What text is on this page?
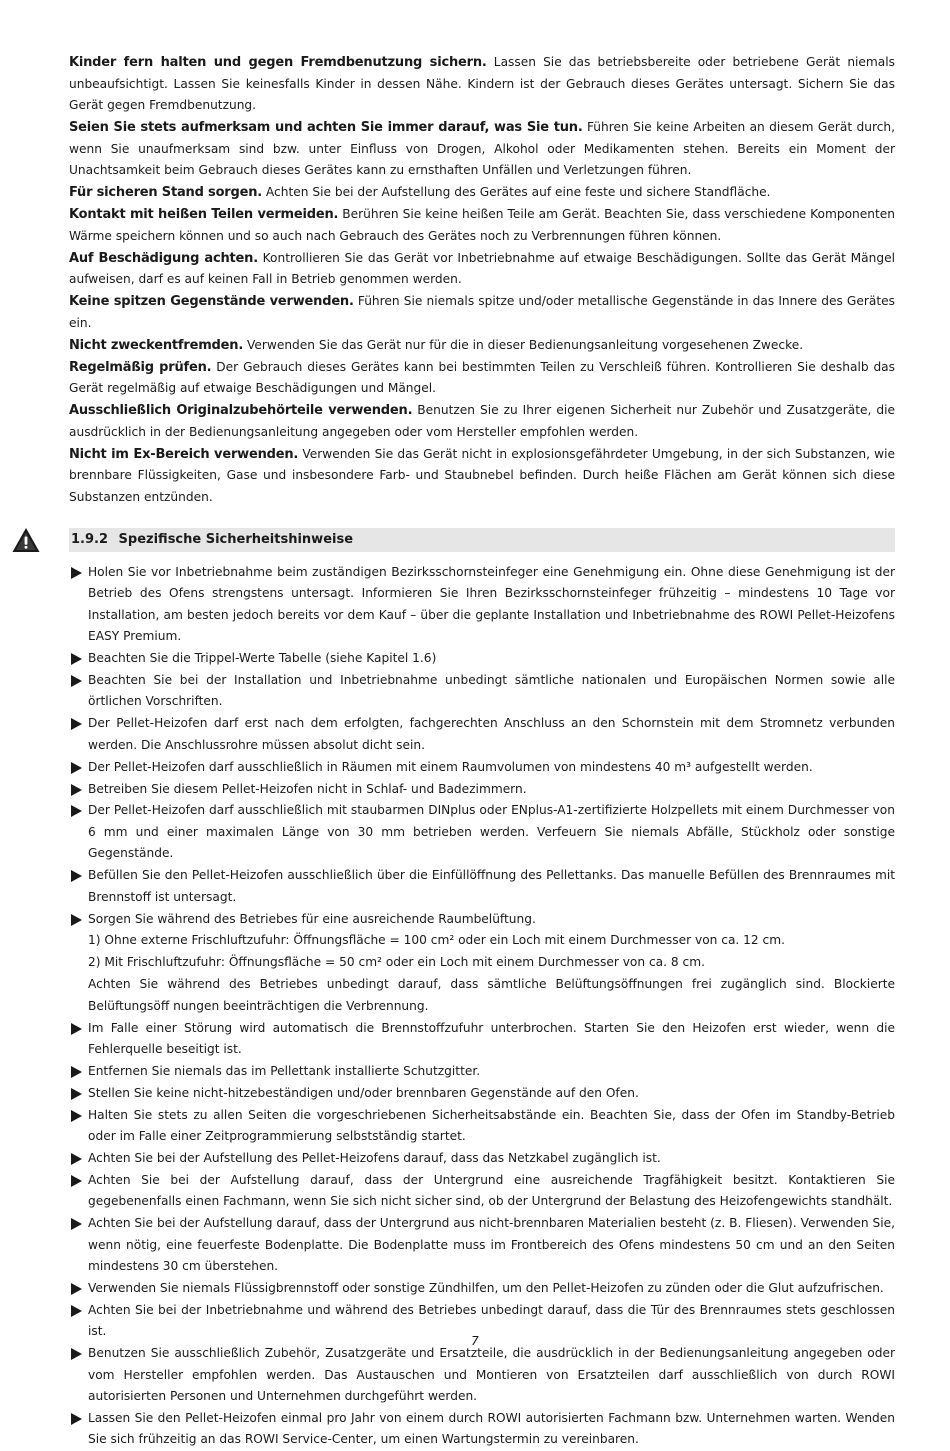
Kinder fern halten und gegen Fremdbenutzung sichern. Lassen Sie das betriebsbereite oder betriebene Gerät niemals unbeaufsichtigt. Lassen Sie keinesfalls Kinder in dessen Nähe. Kindern ist der Gebrauch dieses Gerätes untersagt. Sichern Sie das Gerät gegen Fremdbenutzung.

Seien Sie stets aufmerksam und achten Sie immer darauf, was Sie tun. Führen Sie keine Arbeiten an diesem Gerät durch, wenn Sie unaufmerksam sind bzw. unter Einfluss von Drogen, Alkohol oder Medikamenten stehen. Bereits ein Moment der Unachtsamkeit beim Gebrauch dieses Gerätes kann zu ernsthaften Unfällen und Verletzungen führen.

Für sicheren Stand sorgen. Achten Sie bei der Aufstellung des Gerätes auf eine feste und sichere Standfläche.

Kontakt mit heißen Teilen vermeiden. Berühren Sie keine heißen Teile am Gerät. Beachten Sie, dass verschiedene Komponenten Wärme speichern können und so auch nach Gebrauch des Gerätes noch zu Verbrennungen führen können.

Auf Beschädigung achten. Kontrollieren Sie das Gerät vor Inbetriebnahme auf etwaige Beschädigungen. Sollte das Gerät Mängel aufweisen, darf es auf keinen Fall in Betrieb genommen werden.

Keine spitzen Gegenstände verwenden. Führen Sie niemals spitze und/oder metallische Gegenstände in das Innere des Gerätes ein.

Nicht zweckentfremden. Verwenden Sie das Gerät nur für die in dieser Bedienungsanleitung vorgesehenen Zwecke.

Regelmäßig prüfen. Der Gebrauch dieses Gerätes kann bei bestimmten Teilen zu Verschleiß führen. Kontrollieren Sie deshalb das Gerät regelmäßig auf etwaige Beschädigungen und Mängel.

Ausschließlich Originalzubehörteile verwenden. Benutzen Sie zu Ihrer eigenen Sicherheit nur Zubehör und Zusatzgeräte, die ausdrücklich in der Bedienungsanleitung angegeben oder vom Hersteller empfohlen werden.

Nicht im Ex-Bereich verwenden. Verwenden Sie das Gerät nicht in explosionsgefährdeter Umgebung, in der sich Substanzen, wie brennbare Flüssigkeiten, Gase und insbesondere Farb- und Staubnebel befinden. Durch heiße Flächen am Gerät können sich diese Substanzen entzünden.

1.9.2 Spezifische Sicherheitshinweise
Holen Sie vor Inbetriebnahme beim zuständigen Bezirksschornsteinfeger eine Genehmigung ein. Ohne diese Genehmigung ist der Betrieb des Ofens strengstens untersagt. Informieren Sie Ihren Bezirksschornsteinfeger frühzeitig – mindestens 10 Tage vor Installation, am besten jedoch bereits vor dem Kauf – über die geplante Installation und Inbetriebnahme des ROWI Pellet-Heizofens EASY Premium.
Beachten Sie die Trippel-Werte Tabelle (siehe Kapitel 1.6)
Beachten Sie bei der Installation und Inbetriebnahme unbedingt sämtliche nationalen und Europäischen Normen sowie alle örtlichen Vorschriften.
Der Pellet-Heizofen darf erst nach dem erfolgten, fachgerechten Anschluss an den Schornstein mit dem Stromnetz verbunden werden. Die Anschlussrohre müssen absolut dicht sein.
Der Pellet-Heizofen darf ausschließlich in Räumen mit einem Raumvolumen von mindestens 40 m³ aufgestellt werden.
Betreiben Sie diesem Pellet-Heizofen nicht in Schlaf- und Badezimmern.
Der Pellet-Heizofen darf ausschließlich mit staubarmen DINplus oder ENplus-A1-zertifizierte Holzpellets mit einem Durchmesser von 6 mm und einer maximalen Länge von 30 mm betrieben werden. Verfeuern Sie niemals Abfälle, Stückholz oder sonstige Gegenstände.
Befüllen Sie den Pellet-Heizofen ausschließlich über die Einfüllöffnung des Pellettanks. Das manuelle Befüllen des Brennraumes mit Brennstoff ist untersagt.
Sorgen Sie während des Betriebes für eine ausreichende Raumbelüftung.
1) Ohne externe Frischluftzufuhr: Öffnungsfläche = 100 cm² oder ein Loch mit einem Durchmesser von ca. 12 cm.
2) Mit Frischluftzufuhr: Öffnungsfläche = 50 cm² oder ein Loch mit einem Durchmesser von ca. 8 cm.
Achten Sie während des Betriebes unbedingt darauf, dass sämtliche Belüftungsöffnungen frei zugänglich sind. Blockierte Belüftungsöff nungen beeinträchtigen die Verbrennung.
Im Falle einer Störung wird automatisch die Brennstoffzufuhr unterbrochen. Starten Sie den Heizofen erst wieder, wenn die Fehlerquelle beseitigt ist.
Entfernen Sie niemals das im Pellettank installierte Schutzgitter.
Stellen Sie keine nicht-hitzebeständigen und/oder brennbaren Gegenstände auf den Ofen.
Halten Sie stets zu allen Seiten die vorgeschriebenen Sicherheitsabstände ein. Beachten Sie, dass der Ofen im Standby-Betrieb oder im Falle einer Zeitprogrammierung selbstständig startet.
Achten Sie bei der Aufstellung des Pellet-Heizofens darauf, dass das Netzkabel zugänglich ist.
Achten Sie bei der Aufstellung darauf, dass der Untergrund eine ausreichende Tragfähigkeit besitzt. Kontaktieren Sie gegebenenfalls einen Fachmann, wenn Sie sich nicht sicher sind, ob der Untergrund der Belastung des Heizofengewichts standhält.
Achten Sie bei der Aufstellung darauf, dass der Untergrund aus nicht-brennbaren Materialien besteht (z. B. Fliesen). Verwenden Sie, wenn nötig, eine feuerfeste Bodenplatte. Die Bodenplatte muss im Frontbereich des Ofens mindestens 50 cm und an den Seiten mindestens 30 cm überstehen.
Verwenden Sie niemals Flüssigbrennstoff oder sonstige Zündhilfen, um den Pellet-Heizofen zu zünden oder die Glut aufzufrischen.
Achten Sie bei der Inbetriebnahme und während des Betriebes unbedingt darauf, dass die Tür des Brennraumes stets geschlossen ist.
Benutzen Sie ausschließlich Zubehör, Zusatzgeräte und Ersatzteile, die ausdrücklich in der Bedienungsanleitung angegeben oder vom Hersteller empfohlen werden. Das Austauschen und Montieren von Ersatzteilen darf ausschließlich von durch ROWI autorisierten Personen und Unternehmen durchgeführt werden.
Lassen Sie den Pellet-Heizofen einmal pro Jahr von einem durch ROWI autorisierten Fachmann bzw. Unternehmen warten. Wenden Sie sich frühzeitig an das ROWI Service-Center, um einen Wartungstermin zu vereinbaren.
7
